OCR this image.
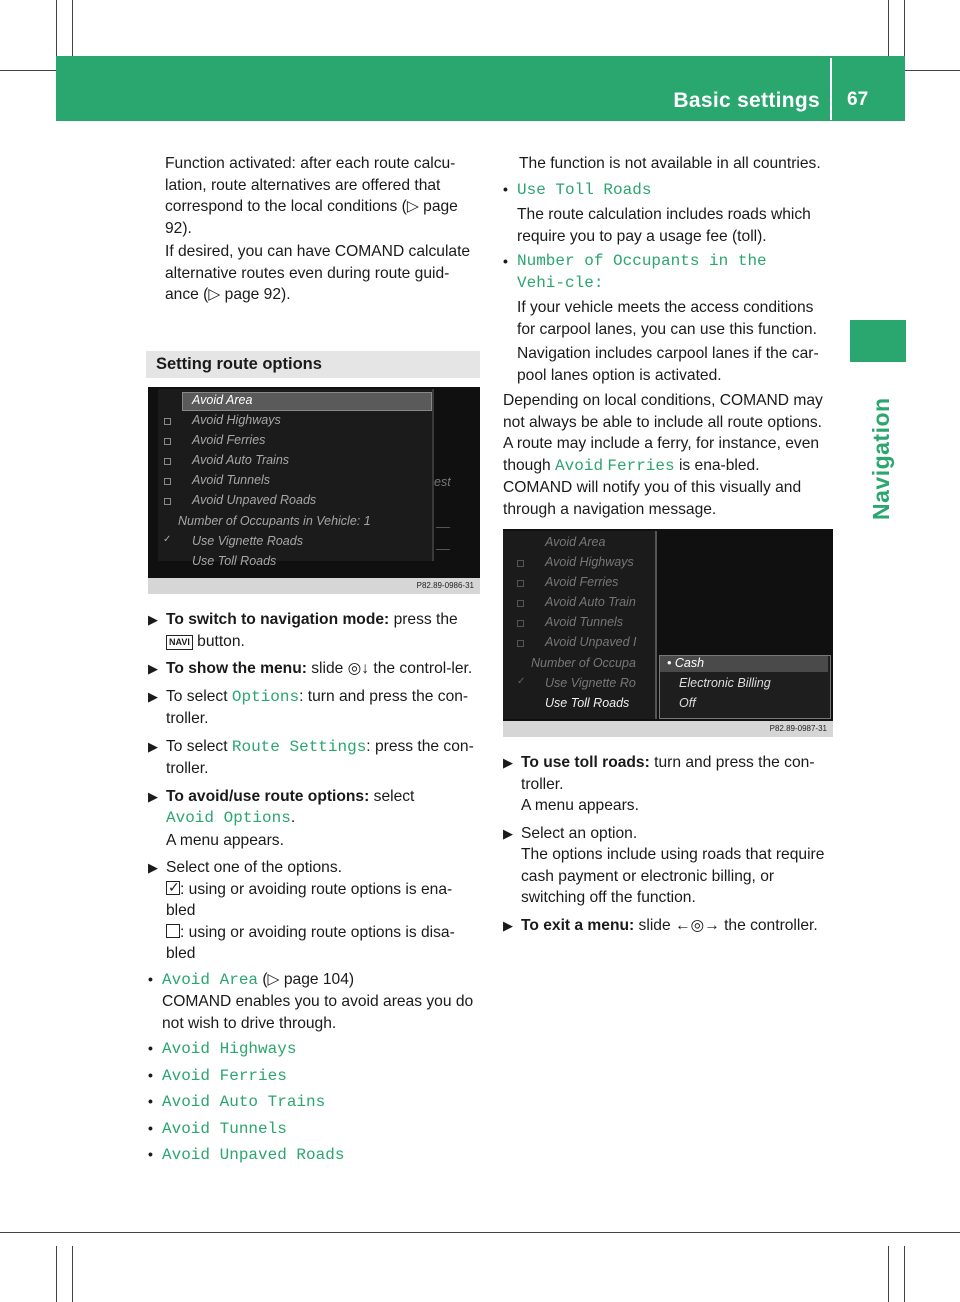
Basic settings 67
Navigation

Function activated: after each route calcu-lation, route alternatives are offered that correspond to the local conditions (▷ page 92).

If desired, you can have COMAND calculate alternative routes even during route guid-ance (▷ page 92).

Setting route options
Avoid Area
Avoid Highways
Avoid Ferries
Avoid Auto Trains
Avoid Tunnels
Avoid Unpaved Roads
Number of Occupants in Vehicle: 1
✓ Use Vignette Roads
Use Toll Roads
est
P82.89-0986-31
▶ To switch to navigation mode: press the
NAVI button.
▶ To show the menu: slide ◎↓ the control-ler.
▶ To select Options: turn and press the con-troller.
▶ To select Route Settings: press the con-troller.
▶ To avoid/use route options: select
Avoid Options.
A menu appears.
▶ Select one of the options.

✓ : using or avoiding route options is ena-bled
: using or avoiding route options is disa-bled
• Avoid Area (▷ page 104)
COMAND enables you to avoid areas you do not wish to drive through.
• Avoid Highways
• Avoid Ferries
• Avoid Auto Trains
• Avoid Tunnels
• Avoid Unpaved Roads

The function is not available in all countries.

• Use Toll Roads

The route calculation includes roads which require you to pay a usage fee (toll).
• Number of Occupants in the Vehi-cle:
If your vehicle meets the access conditions for carpool lanes, you can use this function.
Navigation includes carpool lanes if the car-pool lanes option is activated.

Depending on local conditions, COMAND may not always be able to include all route options. A route may include a ferry, for instance, even though Avoid Ferries is ena-bled. COMAND will notify you of this visually and through a navigation message.

Avoid Area
Avoid Highways
Avoid Ferries
Avoid Auto Train
Avoid Tunnels
Avoid Unpaved I
Number of Occupa
✓ Use Vignette Ro
Use Toll Roads
• Cash
Electronic Billing
Off
P82.89-0987-31
▶ To use toll roads: turn and press the con-troller.
A menu appears.
▶ Select an option.
The options include using roads that require cash payment or electronic billing, or switching off the function.
▶ To exit a menu: slide ←◎→ the controller.
